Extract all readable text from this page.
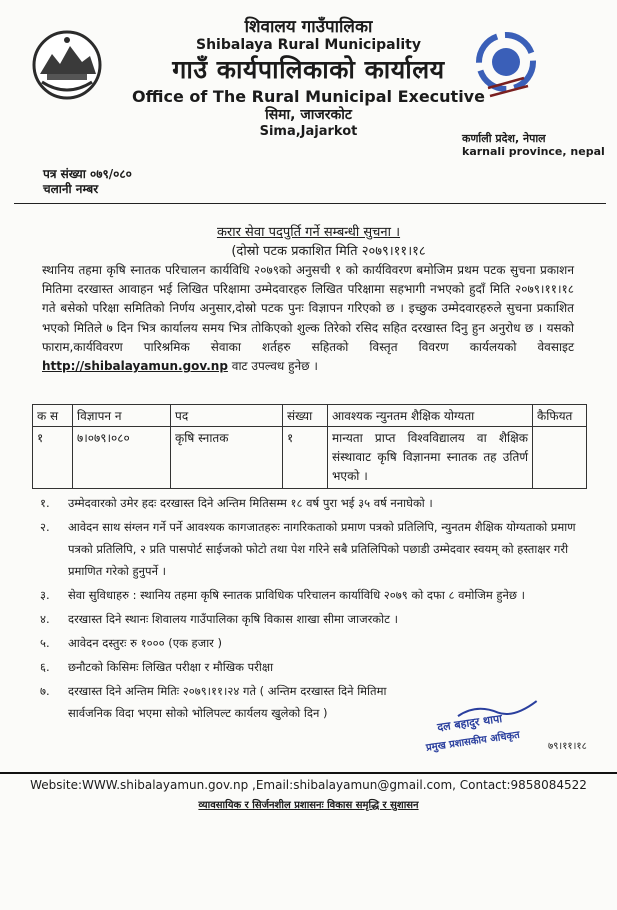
शिवालय गाउँपालिका
Shibalaya Rural Municipality
गाउँ कार्यपालिकाको कार्यालय
Office of The Rural Municipal Executive
सिमा, जाजरकोट
Sima,Jajarkot	कर्णाली प्रदेश, नेपाल
karnali province, nepal
पत्र संख्या ०७९/०८०
चलानी नम्बर
करार सेवा पदपुर्ति गर्ने सम्बन्धी सुचना ।
(दोस्रो पटक प्रकाशित मिति २०७९।११।१८
स्थानिय तहमा कृषि स्नातक परिचालन कार्यविधि २०७९को अनुसची १ को कार्यविवरण बमोजिम प्रथम पटक सुचना प्रकाशन मितिमा दरखास्त आवाहन भई लिखित परिक्षामा उम्मेदवारहरु लिखित परिक्षामा सहभागी नभएको हुदाँ मिति २०७९।११।१८ गते बसेको परिक्षा समितिको निर्णय अनुसार,दोस्रो पटक पुनः विज्ञापन गरिएको छ । इच्छुक उम्मेदवारहरुले सुचना प्रकाशित भएको मितिले ७ दिन भित्र कार्यालय समय भित्र तोकिएको शुल्क तिरेको रसिद सहित दरखास्त दिनु हुन अनुरोध छ । यसको फाराम,कार्यविवरण पारिश्रमिक सेवाका शर्तहरु सहितको विस्तृत विवरण कार्यलयको वेवसाइट http://shibalayamun.gov.np वाट उपल्वध हुनेछ ।
क स	विज्ञापन न	पद	संख्या	आवश्यक न्युनतम शैक्षिक योग्यता	कैफियत
१	७।०७९।०८०	कृषि स्नातक	१	मान्यता प्राप्त विश्वविद्यालय वा शैक्षिक संस्थावाट कृषि विज्ञानमा स्नातक तह उतिर्ण भएको ।	
१. उम्मेदवारको उमेर हदः दरखास्त दिने अन्तिम मितिसम्म १८ वर्ष पुरा भई ३५ वर्ष ननाघेको ।
२. आवेदन साथ संग्लन गर्ने पर्ने आवश्यक कागजातहरुः नागरिकताको प्रमाण पत्रको प्रतिलिपि, न्युनतम शैक्षिक योग्यताको प्रमाण पत्रको प्रतिलिपि, २ प्रति पासपोर्ट साईजको फोटो तथा पेश गरिने सबै प्रतिलिपिको पछाडी उम्मेदवार स्वयम् को हस्ताक्षर गरी प्रमाणित गरेको हुनुपर्ने ।
३. सेवा सुविधाहरु : स्थानिय तहमा कृषि स्नातक प्राविधिक परिचालन कार्याविधि २०७९ को दफा ८ वमोजिम हुनेछ ।
४. दरखास्त दिने स्थानः शिवालय गाउँपालिका कृषि विकास शाखा सीमा जाजरकोट ।
५. आवेदन दस्तुरः रु १००० (एक हजार )
६. छनौटको किसिमः लिखित परीक्षा र मौखिक परीक्षा
७. दरखास्त दिने अन्तिम मितिः २०७९।११।२४ गते ( अन्तिम दरखास्त दिने मितिमा सार्वजनिक विदा भएमा सोको भोलिपल्ट कार्यलय खुलेको दिन )	दल बहादुर थापा
प्रमुख प्रशासकीय अधिकृत	७९।११।१८
Website:WWW.shibalayamun.gov.np ,Email:shibalayamun@gmail.com, Contact:9858084522
व्यावसायिक र सिर्जनशील प्रशासनः विकास समृद्धि र सुशासन
